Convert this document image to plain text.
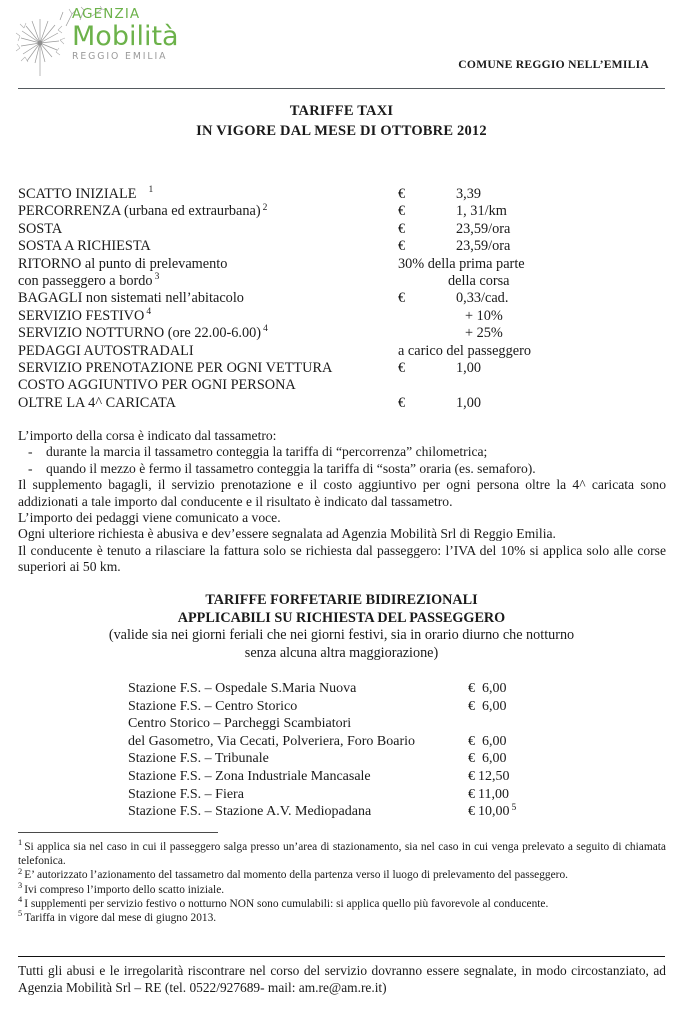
AGENZIA
Mobilità
REGGIO EMILIA
COMUNE REGGIO NELL’EMILIA
TARIFFE TAXI
IN VIGORE DAL MESE DI OTTOBRE 2012
SCATTO INIZIALE $^1$	€	3,39
PERCORRENZA (urbana ed extraurbana) $^2$	€	1, 31/km
SOSTA	€	23,59/ora
SOSTA A RICHIESTA	€	23,59/ora
RITORNO al punto di prelevamento	30% della prima parte
con passeggero a bordo $^3$	della corsa
BAGAGLI non sistemati nell’abitacolo	€	0,33/cad.
SERVIZIO FESTIVO $^4$	+ 10%
SERVIZIO NOTTURNO (ore 22.00-6.00) $^4$	+ 25%
PEDAGGI AUTOSTRADALI	a carico del passeggero
SERVIZIO PRENOTAZIONE PER OGNI VETTURA	€	1,00
COSTO AGGIUNTIVO PER OGNI PERSONA
OLTRE LA 4^ CARICATA	€	1,00

L’importo della corsa è indicato dal tassametro:

- durante la marcia il tassametro conteggia la tariffa di “percorrenza” chilometrica;

- quando il mezzo è fermo il tassametro conteggia la tariffa di “sosta” oraria (es. semaforo).

Il supplemento bagagli, il servizio prenotazione e il costo aggiuntivo per ogni persona oltre la 4^ caricata sono addizionati a tale importo dal conducente e il risultato è indicato dal tassametro.

L’importo dei pedaggi viene comunicato a voce.

Ogni ulteriore richiesta è abusiva e dev’essere segnalata ad Agenzia Mobilità Srl di Reggio Emilia.

Il conducente è tenuto a rilasciare la fattura solo se richiesta dal passeggero: l’IVA del 10% si applica solo alle corse superiori ai 50 km.

TARIFFE FORFETARIE BIDIREZIONALI
APPLICABILI SU RICHIESTA DEL PASSEGGERO
(valide sia nei giorni feriali che nei giorni festivi, sia in orario diurno che notturno
senza alcuna altra maggiorazione)
Stazione F.S. – Ospedale S.Maria Nuova	€ 6,00
Stazione F.S. – Centro Storico	€ 6,00
Centro Storico – Parcheggi Scambiatori
del Gasometro, Via Cecati, Polveriera, Foro Boario	€ 6,00
Stazione F.S. – Tribunale	€ 6,00
Stazione F.S. – Zona Industriale Mancasale	€ 12,50
Stazione F.S. – Fiera	€ 11,00
Stazione F.S. – Stazione A.V. Mediopadana	€ 10,00 $^5$

$^1$ Si applica sia nel caso in cui il passeggero salga presso un’area di stazionamento, sia nel caso in cui venga prelevato a seguito di chiamata telefonica.

$^2$ E’ autorizzato l’azionamento del tassametro dal momento della partenza verso il luogo di prelevamento del passeggero.

$^3$ Ivi compreso l’importo dello scatto iniziale.

$^4$ I supplementi per servizio festivo o notturno NON sono cumulabili: si applica quello più favorevole al conducente.

$^5$ Tariffa in vigore dal mese di giugno 2013.

Tutti gli abusi e le irregolarità riscontrare nel corso del servizio dovranno essere segnalate, in modo circostanziato, ad Agenzia Mobilità Srl – RE (tel. 0522/927689- mail: am.re@am.re.it)
